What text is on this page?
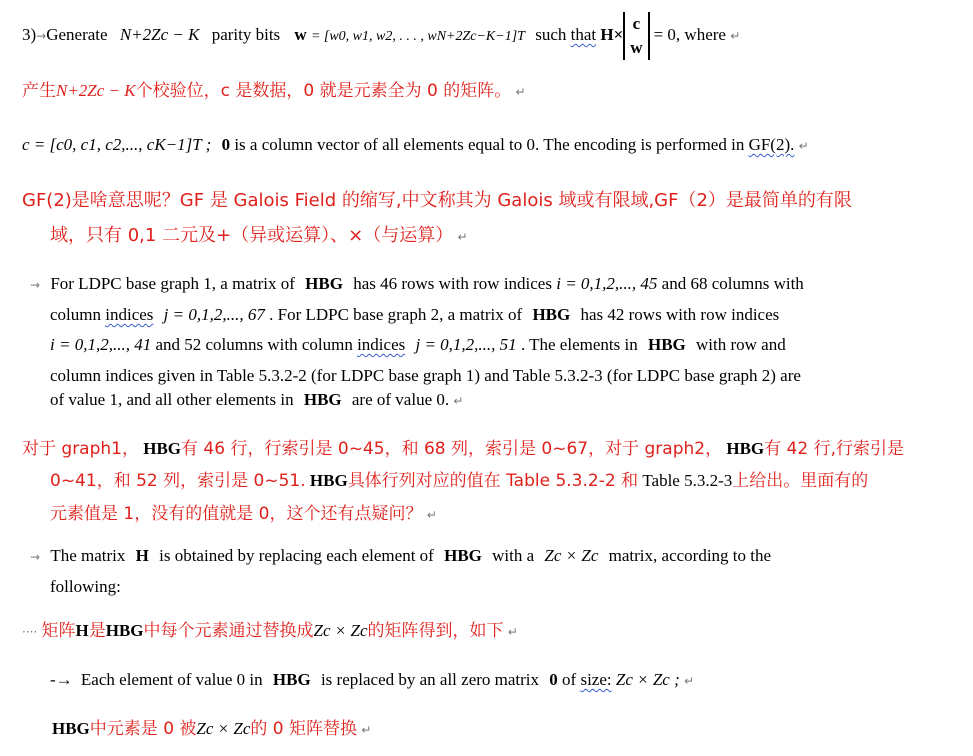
3)→Generate N+2Zc − K parity bits w = [w0, w1, w2, . . . , wN+2Zc−K−1]T such that H×
c
w
= 0, where ↵
产生N+2Zc − K个校验位，c 是数据，0 就是元素全为 0 的矩阵。 ↵
c = [c0, c1, c2,..., cK−1]T ; 0 is a column vector of all elements equal to 0. The encoding is performed in GF(2). ↵
GF(2)是啥意思呢？GF 是 Galois Field 的缩写,中文称其为 Galois 域或有限域,GF（2）是最简单的有限
域，只有 0,1 二元及+（异或运算）、×（与运算） ↵
→ For LDPC base graph 1, a matrix of HBG has 46 rows with row indices i = 0,1,2,..., 45 and 68 columns with
column indices j = 0,1,2,..., 67 . For LDPC base graph 2, a matrix of HBG has 42 rows with row indices
i = 0,1,2,..., 41 and 52 columns with column indices j = 0,1,2,..., 51 . The elements in HBG with row and
column indices given in Table 5.3.2-2 (for LDPC base graph 1) and Table 5.3.2-3 (for LDPC base graph 2) are
of value 1, and all other elements in HBG are of value 0. ↵
对于 graph1， HBG有 46 行，行索引是 0~45，和 68 列，索引是 0~67，对于 graph2， HBG有 42 行,行索引是
0~41，和 52 列，索引是 0~51. HBG具体行列对应的值在 Table 5.3.2-2 和 Table 5.3.2-3上给出。里面有的
元素值是 1，没有的值就是 0，这个还有点疑问？ ↵
→ The matrix H is obtained by replacing each element of HBG with a Zc × Zc matrix, according to the
following:
···· 矩阵H是HBG中每个元素通过替换成Zc × Zc的矩阵得到，如下 ↵
-→ Each element of value 0 in HBG is replaced by an all zero matrix 0 of size: Zc × Zc ; ↵
HBG中元素是 0 被Zc × Zc的 0 矩阵替换 ↵
